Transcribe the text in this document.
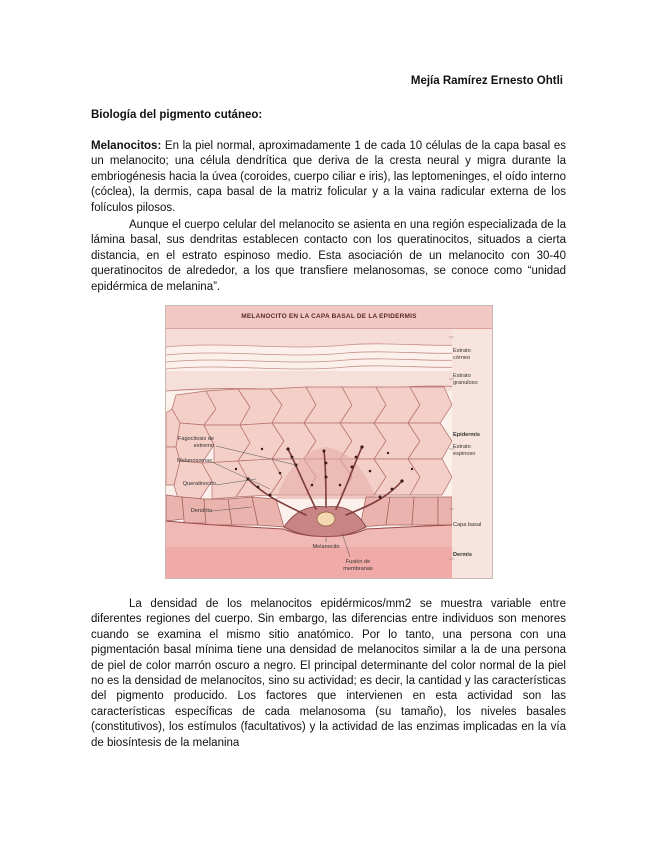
Mejía Ramírez Ernesto Ohtli
Biología del pigmento cutáneo:

Melanocitos: En la piel normal, aproximadamente 1 de cada 10 células de la capa basal es un melanocito; una célula dendrítica que deriva de la cresta neural y migra durante la embriogénesis hacia la úvea (coroides, cuerpo ciliar e iris), las leptomeninges, el oído interno (cóclea), la dermis, capa basal de la matriz folicular y a la vaina radicular externa de los folículos pilosos.

Aunque el cuerpo celular del melanocito se asienta en una región especializada de la lámina basal, sus dendritas establecen contacto con los queratinocitos, situados a cierta distancia, en el estrato espinoso medio. Esta asociación de un melanocito con 30-40 queratinocitos de alrededor, a los que transfiere melanosomas, se conoce como “unidad epidérmica de melanina”.

MELANOCITO EN LA CAPA BASAL DE LA EPIDERMIS
Fagocitosis de extremo
Melanosomas
Queratinocito
Dendrita
Estrato córneo
Estrato granuloso
Epidermis
Estrato espinoso
Capa basal
Dermis
Melanocito
Fusión de membranas

La densidad de los melanocitos epidérmicos/mm2 se muestra variable entre diferentes regiones del cuerpo. Sin embargo, las diferencias entre individuos son menores cuando se examina el mismo sitio anatómico. Por lo tanto, una persona con una pigmentación basal mínima tiene una densidad de melanocitos similar a la de una persona de piel de color marrón oscuro a negro. El principal determinante del color normal de la piel no es la densidad de melanocitos, sino su actividad; es decir, la cantidad y las características del pigmento producido. Los factores que intervienen en esta actividad son las características específicas de cada melanosoma (su tamaño), los niveles basales (constitutivos), los estímulos (facultativos) y la actividad de las enzimas implicadas en la vía de biosíntesis de la melanina
